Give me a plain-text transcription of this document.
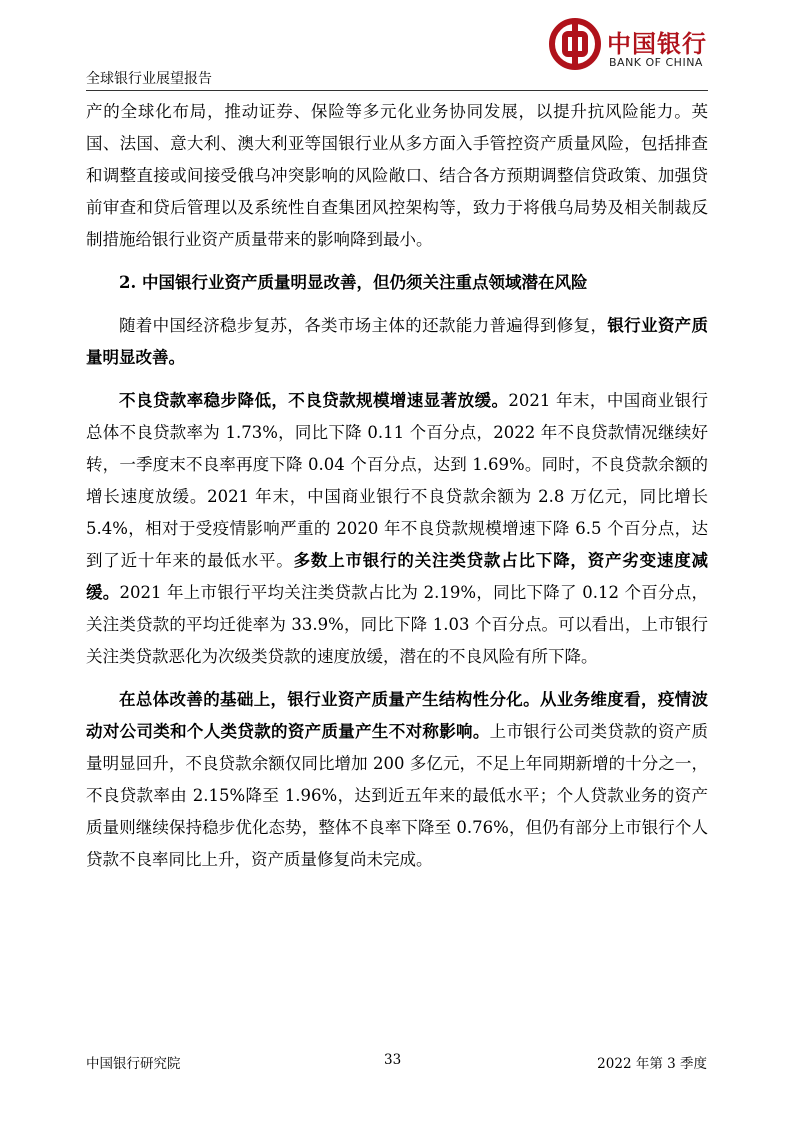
全球银行业展望报告
中国银行
BANK OF CHINA

产的全球化布局，推动证券、保险等多元化业务协同发展，以提升抗风险能力。英国、法国、意大利、澳大利亚等国银行业从多方面入手管控资产质量风险，包括排查和调整直接或间接受俄乌冲突影响的风险敞口、结合各方预期调整信贷政策、加强贷前审查和贷后管理以及系统性自查集团风控架构等，致力于将俄乌局势及相关制裁反制措施给银行业资产质量带来的影响降到最小。

2. 中国银行业资产质量明显改善，但仍须关注重点领域潜在风险

随着中国经济稳步复苏，各类市场主体的还款能力普遍得到修复，银行业资产质量明显改善。

不良贷款率稳步降低，不良贷款规模增速显著放缓。2021 年末，中国商业银行总体不良贷款率为 1.73%，同比下降 0.11 个百分点，2022 年不良贷款情况继续好转，一季度末不良率再度下降 0.04 个百分点，达到 1.69%。同时，不良贷款余额的增长速度放缓。2021 年末，中国商业银行不良贷款余额为 2.8 万亿元，同比增长 5.4%，相对于受疫情影响严重的 2020 年不良贷款规模增速下降 6.5 个百分点，达到了近十年来的最低水平。多数上市银行的关注类贷款占比下降，资产劣变速度减缓。2021 年上市银行平均关注类贷款占比为 2.19%，同比下降了 0.12 个百分点，关注类贷款的平均迁徙率为 33.9%，同比下降 1.03 个百分点。可以看出，上市银行关注类贷款恶化为次级类贷款的速度放缓，潜在的不良风险有所下降。

在总体改善的基础上，银行业资产质量产生结构性分化。从业务维度看，疫情波动对公司类和个人类贷款的资产质量产生不对称影响。上市银行公司类贷款的资产质量明显回升，不良贷款余额仅同比增加 200 多亿元，不足上年同期新增的十分之一，不良贷款率由 2.15%降至 1.96%，达到近五年来的最低水平；个人贷款业务的资产质量则继续保持稳步优化态势，整体不良率下降至 0.76%，但仍有部分上市银行个人贷款不良率同比上升，资产质量修复尚未完成。

中国银行研究院	33	2022 年第 3 季度
